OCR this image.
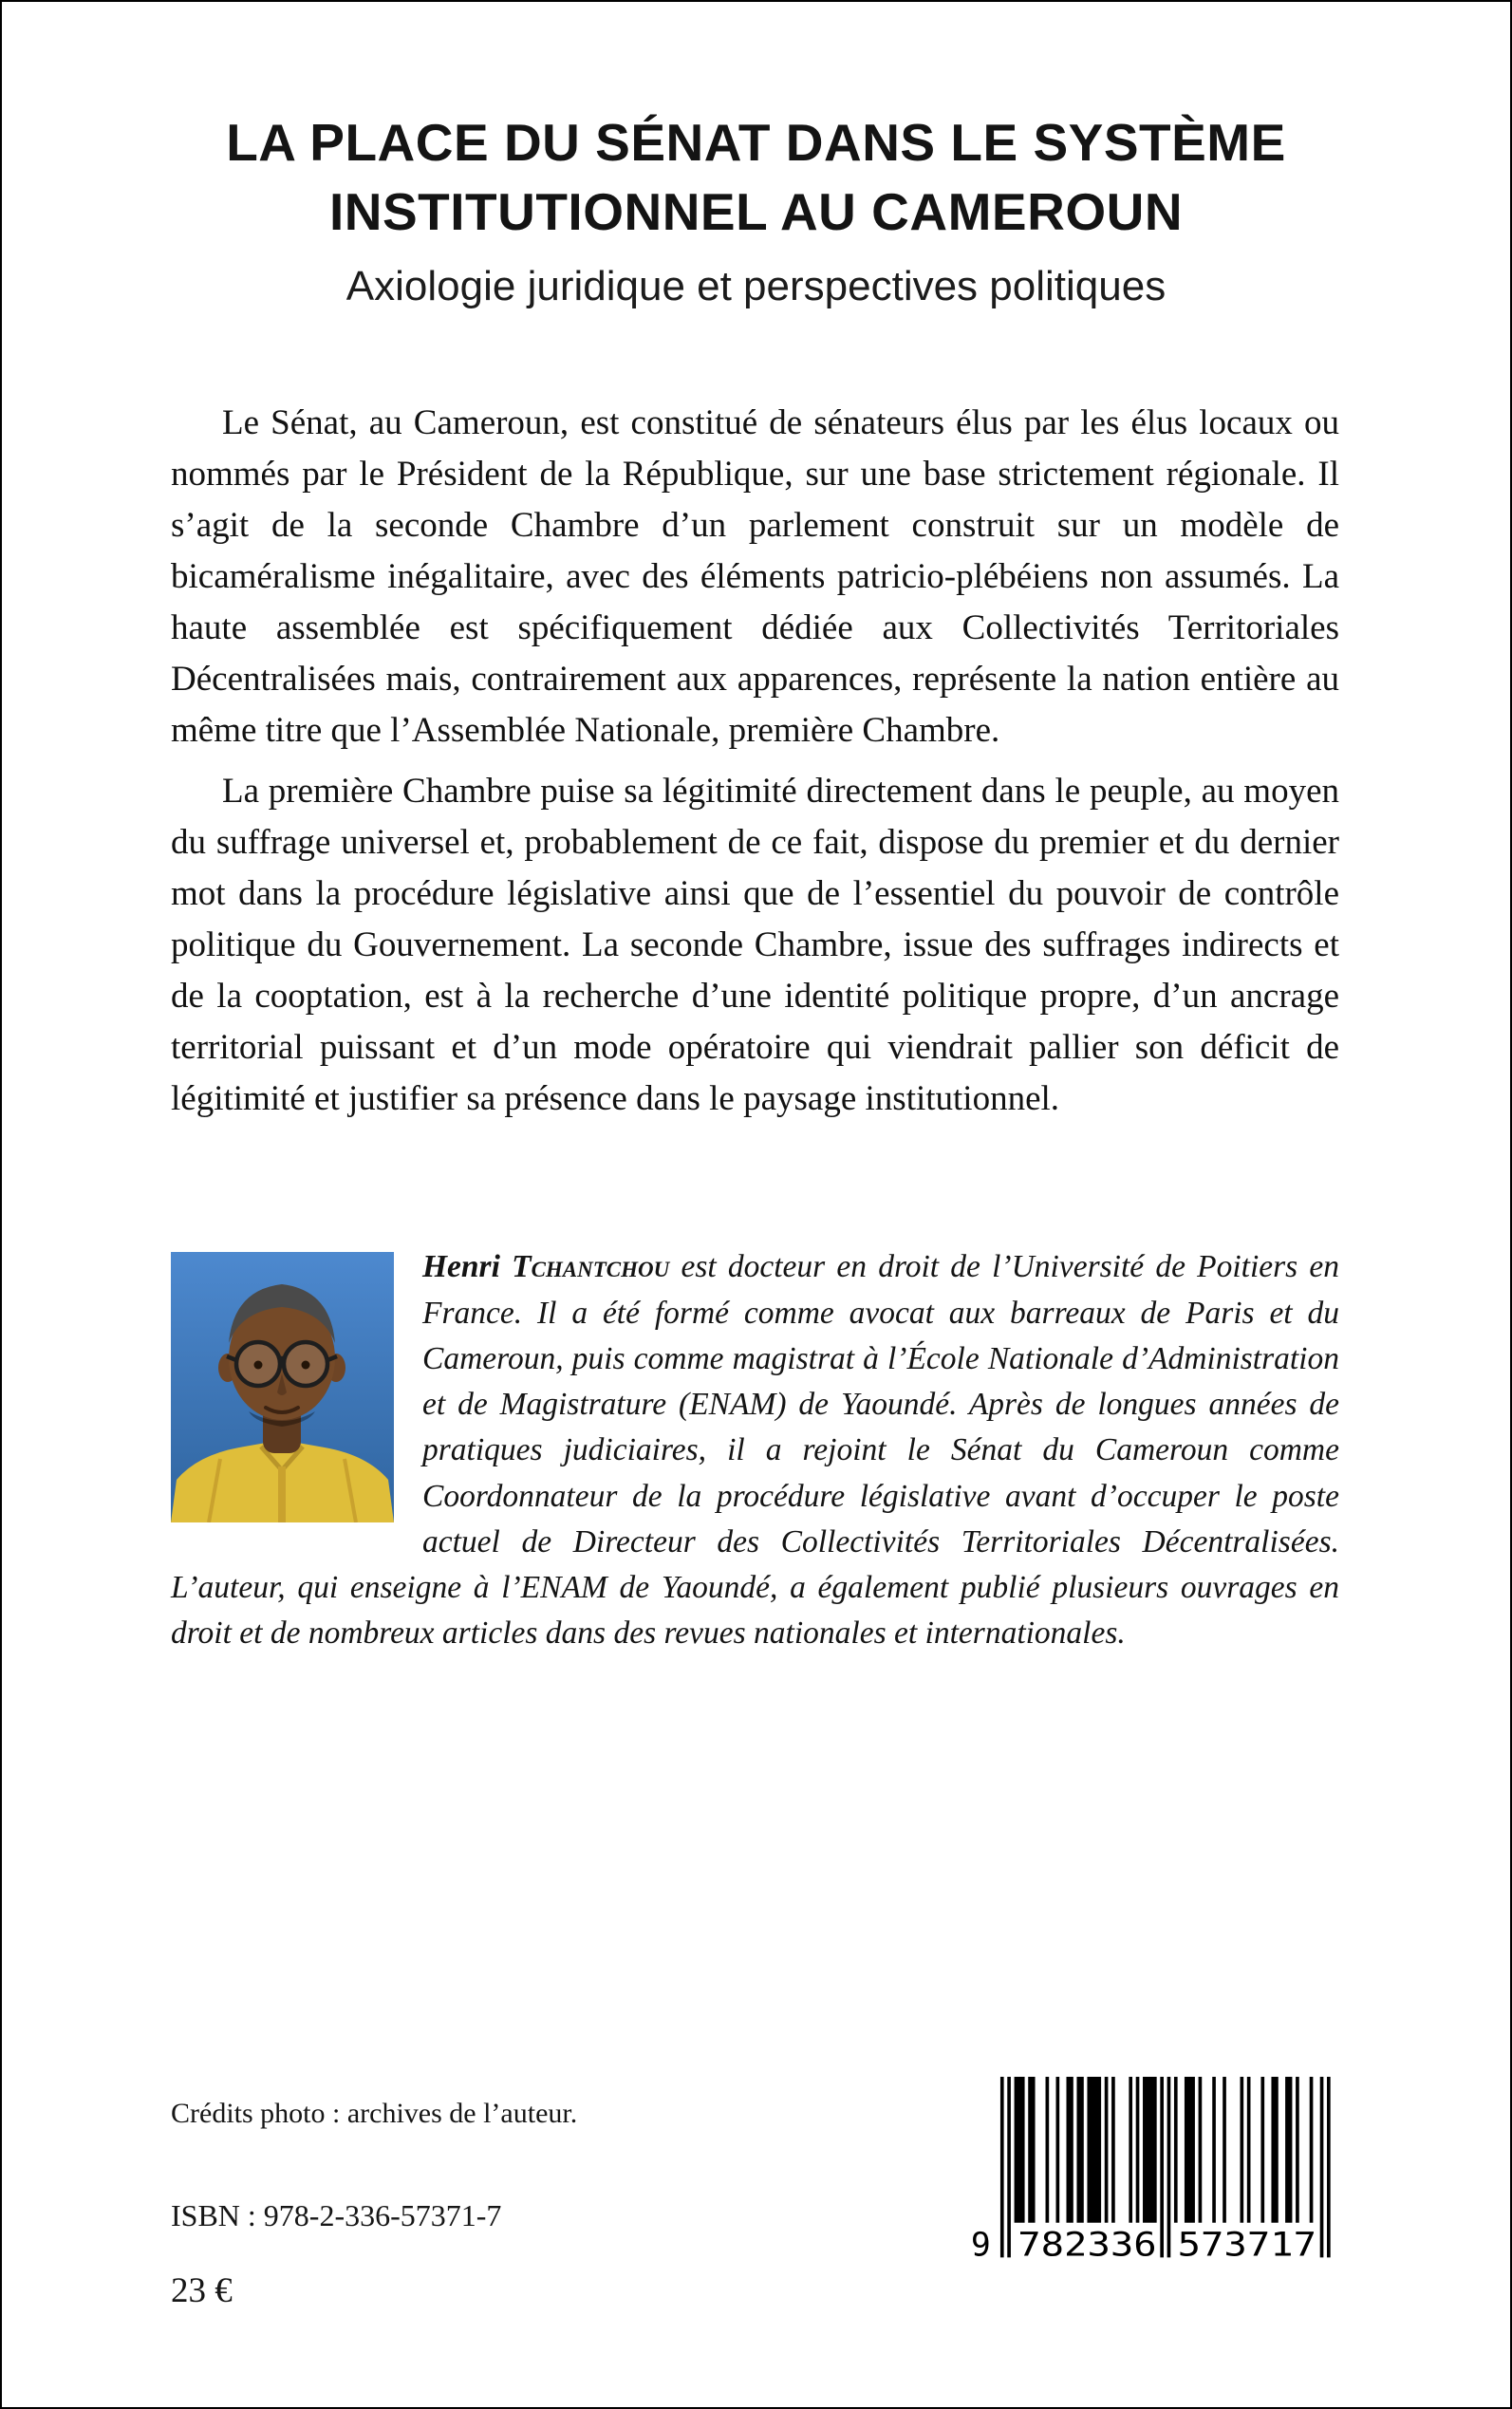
LA PLACE DU SÉNAT DANS LE SYSTÈME
INSTITUTIONNEL AU CAMEROUN
Axiologie juridique et perspectives politiques

Le Sénat, au Cameroun, est constitué de sénateurs élus par les élus locaux ou nommés par le Président de la République, sur une base strictement régionale. Il s’agit de la seconde Chambre d’un parlement construit sur un modèle de bicaméralisme inégalitaire, avec des éléments patricio-plébéiens non assumés. La haute assemblée est spécifiquement dédiée aux Collectivités Territoriales Décentralisées mais, contrairement aux apparences, représente la nation entière au même titre que l’Assemblée Nationale, première Chambre.

La première Chambre puise sa légitimité directement dans le peuple, au moyen du suffrage universel et, probablement de ce fait, dispose du premier et du dernier mot dans la procédure législative ainsi que de l’essentiel du pouvoir de contrôle politique du Gouvernement. La seconde Chambre, issue des suffrages indirects et de la cooptation, est à la recherche d’une identité politique propre, d’un ancrage territorial puissant et d’un mode opératoire qui viendrait pallier son déficit de légitimité et justifier sa présence dans le paysage institutionnel.

Henri Tchantchou est docteur en droit de l’Université de Poitiers en France. Il a été formé comme avocat aux barreaux de Paris et du Cameroun, puis comme magistrat à l’École Nationale d’Administration et de Magistrature (ENAM) de Yaoundé. Après de longues années de pratiques judiciaires, il a rejoint le Sénat du Cameroun comme Coordonnateur de la procédure législative avant d’occuper le poste actuel de Directeur des Collectivités Territoriales Décentralisées. L’auteur, qui enseigne à l’ENAM de Yaoundé, a également publié plusieurs ouvrages en droit et de nombreux articles dans des revues nationales et internationales.

Crédits photo : archives de l’auteur.
ISBN : 978-2-336-57371-7
23 €
9	782336 573717
